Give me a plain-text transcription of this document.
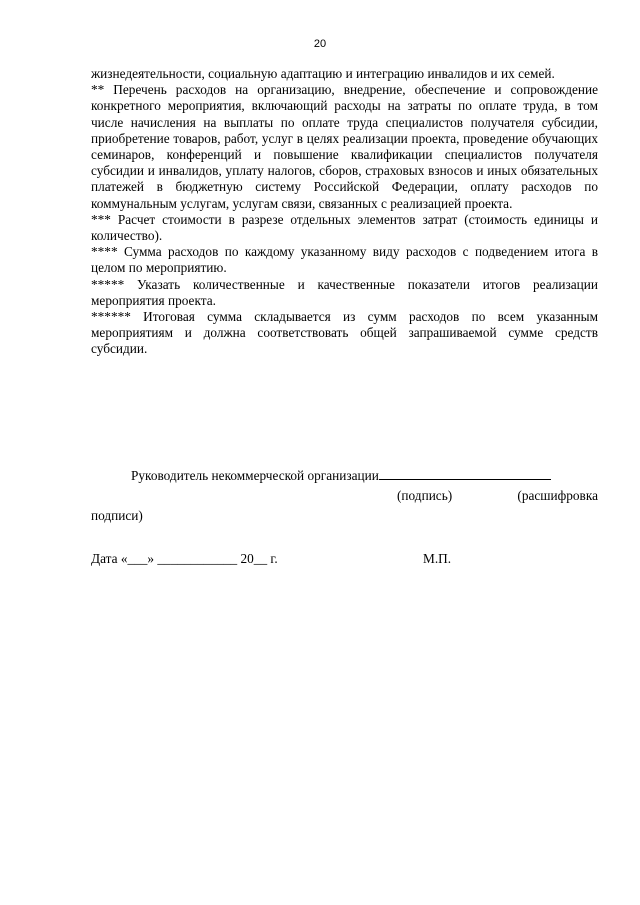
20

жизнедеятельности, социальную адаптацию и интеграцию инвалидов и их семей.

** Перечень расходов на организацию, внедрение, обеспечение и сопровождение конкретного мероприятия, включающий расходы на затраты по оплате труда, в том числе начисления на выплаты по оплате труда специалистов получателя субсидии, приобретение товаров, работ, услуг в целях реализации проекта, проведение обучающих семинаров, конференций и повышение квалификации специалистов получателя субсидии и инвалидов, уплату налогов, сборов, страховых взносов и иных обязательных платежей в бюджетную систему Российской Федерации, оплату расходов по коммунальным услугам, услугам связи, связанных с реализацией проекта.

*** Расчет стоимости в разрезе отдельных элементов затрат (стоимость единицы и количество).

**** Сумма расходов по каждому указанному виду расходов с подведением итога в целом по мероприятию.

***** Указать количественные и качественные показатели итогов реализации мероприятия проекта.

****** Итоговая сумма складывается из сумм расходов по всем указанным мероприятиям и должна соответствовать общей запрашиваемой сумме средств субсидии.

Руководитель некоммерческой организации
(подпись)	(расшифровка
подписи)
Дата «___» ____________ 20__ г.	М.П.
